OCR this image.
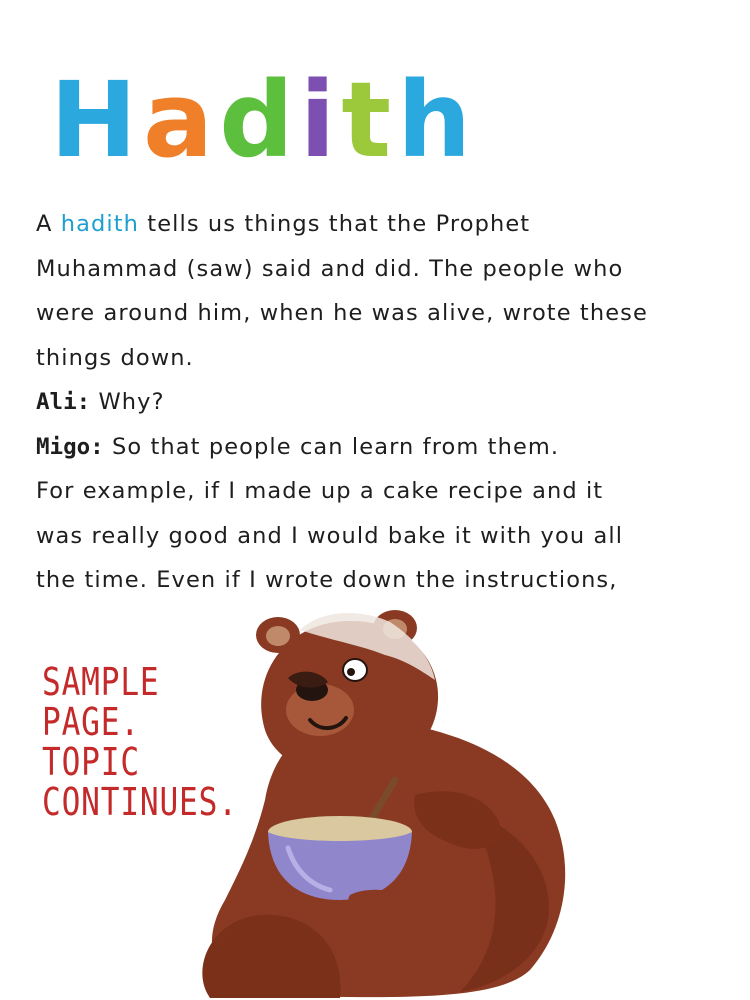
H a d i t h
A hadith tells us things that the Prophet
Muhammad (saw) said and did. The people who
were around him, when he was alive, wrote these
things down.
Ali: Why?
Migo: So that people can learn from them.
For example, if I made up a cake recipe and it
was really good and I would bake it with you all
the time. Even if I wrote down the instructions,
SAMPLE
PAGE.
TOPIC
CONTINUES.
